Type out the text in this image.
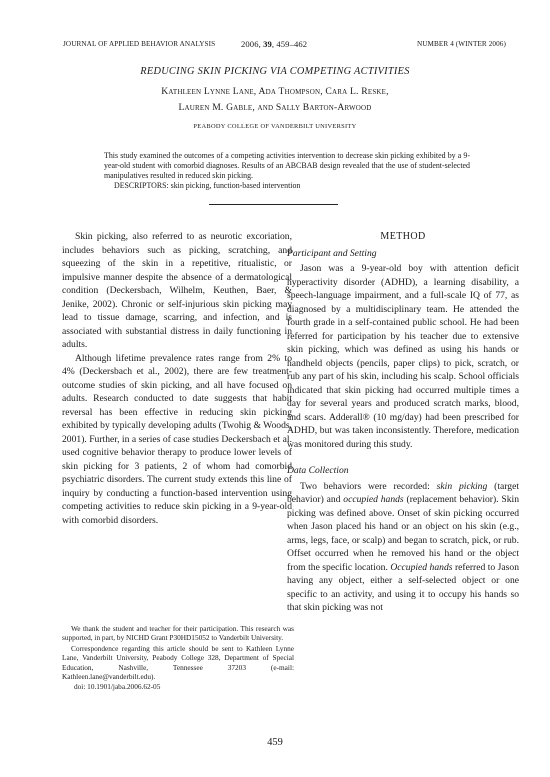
JOURNAL OF APPLIED BEHAVIOR ANALYSIS	2006, 39, 459–462	NUMBER 4 (WINTER 2006)
REDUCING SKIN PICKING VIA COMPETING ACTIVITIES
Kathleen Lynne Lane, Ada Thompson, Cara L. Reske,
Lauren M. Gable, and Sally Barton-Arwood
PEABODY COLLEGE OF VANDERBILT UNIVERSITY
This study examined the outcomes of a competing activities intervention to decrease skin picking exhibited by a 9-year-old student with comorbid diagnoses. Results of an ABCBAB design revealed that the use of student-selected manipulatives resulted in reduced skin picking.
DESCRIPTORS: skin picking, function-based intervention

Skin picking, also referred to as neurotic excoriation, includes behaviors such as picking, scratching, and squeezing of the skin in a repetitive, ritualistic, or impulsive manner despite the absence of a dermatological condition (Deckersbach, Wilhelm, Keuthen, Baer, & Jenike, 2002). Chronic or self-injurious skin picking may lead to tissue damage, scarring, and infection, and is associated with substantial distress in daily functioning in adults.

Although lifetime prevalence rates range from 2% to 4% (Deckersbach et al., 2002), there are few treatment-outcome studies of skin picking, and all have focused on adults. Research conducted to date suggests that habit reversal has been effective in reducing skin picking exhibited by typically developing adults (Twohig & Woods, 2001). Further, in a series of case studies Deckersbach et al. used cognitive behavior therapy to produce lower levels of skin picking for 3 patients, 2 of whom had comorbid psychiatric disorders. The current study extends this line of inquiry by conducting a function-based intervention using competing activities to reduce skin picking in a 9-year-old with comorbid disorders.

We thank the student and teacher for their participation. This research was supported, in part, by NICHD Grant P30HD15052 to Vanderbilt University.

Correspondence regarding this article should be sent to Kathleen Lynne Lane, Vanderbilt University, Peabody College 328, Department of Special Education, Nashville, Tennessee 37203 (e-mail: Kathleen.lane@vanderbilt.edu).

doi: 10.1901/jaba.2006.62-05

METHOD
Participant and Setting

Jason was a 9-year-old boy with attention deficit hyperactivity disorder (ADHD), a learning disability, a speech-language impairment, and a full-scale IQ of 77, as diagnosed by a multidisciplinary team. He attended the fourth grade in a self-contained public school. He had been referred for participation by his teacher due to extensive skin picking, which was defined as using his hands or handheld objects (pencils, paper clips) to pick, scratch, or rub any part of his skin, including his scalp. School officials indicated that skin picking had occurred multiple times a day for several years and produced scratch marks, blood, and scars. Adderall® (10 mg/day) had been prescribed for ADHD, but was taken inconsistently. Therefore, medication was monitored during this study.

Data Collection

Two behaviors were recorded: skin picking (target behavior) and occupied hands (replacement behavior). Skin picking was defined above. Onset of skin picking occurred when Jason placed his hand or an object on his skin (e.g., arms, legs, face, or scalp) and began to scratch, pick, or rub. Offset occurred when he removed his hand or the object from the specific location. Occupied hands referred to Jason having any object, either a self-selected object or one specific to an activity, and using it to occupy his hands so that skin picking was not

459
